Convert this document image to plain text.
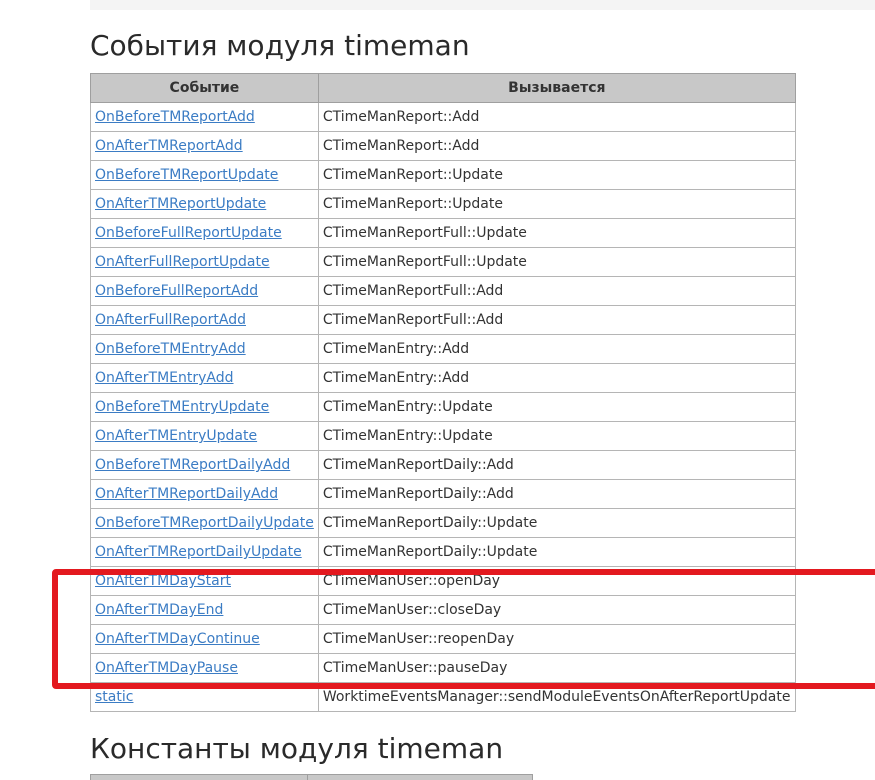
События модуля timeman
Событие	Вызывается
OnBeforeTMReportAdd	CTimeManReport::Add
OnAfterTMReportAdd	CTimeManReport::Add
OnBeforeTMReportUpdate	CTimeManReport::Update
OnAfterTMReportUpdate	CTimeManReport::Update
OnBeforeFullReportUpdate	CTimeManReportFull::Update
OnAfterFullReportUpdate	CTimeManReportFull::Update
OnBeforeFullReportAdd	CTimeManReportFull::Add
OnAfterFullReportAdd	CTimeManReportFull::Add
OnBeforeTMEntryAdd	CTimeManEntry::Add
OnAfterTMEntryAdd	CTimeManEntry::Add
OnBeforeTMEntryUpdate	CTimeManEntry::Update
OnAfterTMEntryUpdate	CTimeManEntry::Update
OnBeforeTMReportDailyAdd	CTimeManReportDaily::Add
OnAfterTMReportDailyAdd	CTimeManReportDaily::Add
OnBeforeTMReportDailyUpdate	CTimeManReportDaily::Update
OnAfterTMReportDailyUpdate	CTimeManReportDaily::Update
OnAfterTMDayStart	CTimeManUser::openDay
OnAfterTMDayEnd	CTimeManUser::closeDay
OnAfterTMDayContinue	CTimeManUser::reopenDay
OnAfterTMDayPause	CTimeManUser::pauseDay
static	WorktimeEventsManager::sendModuleEventsOnAfterReportUpdate
Константы модуля timeman
